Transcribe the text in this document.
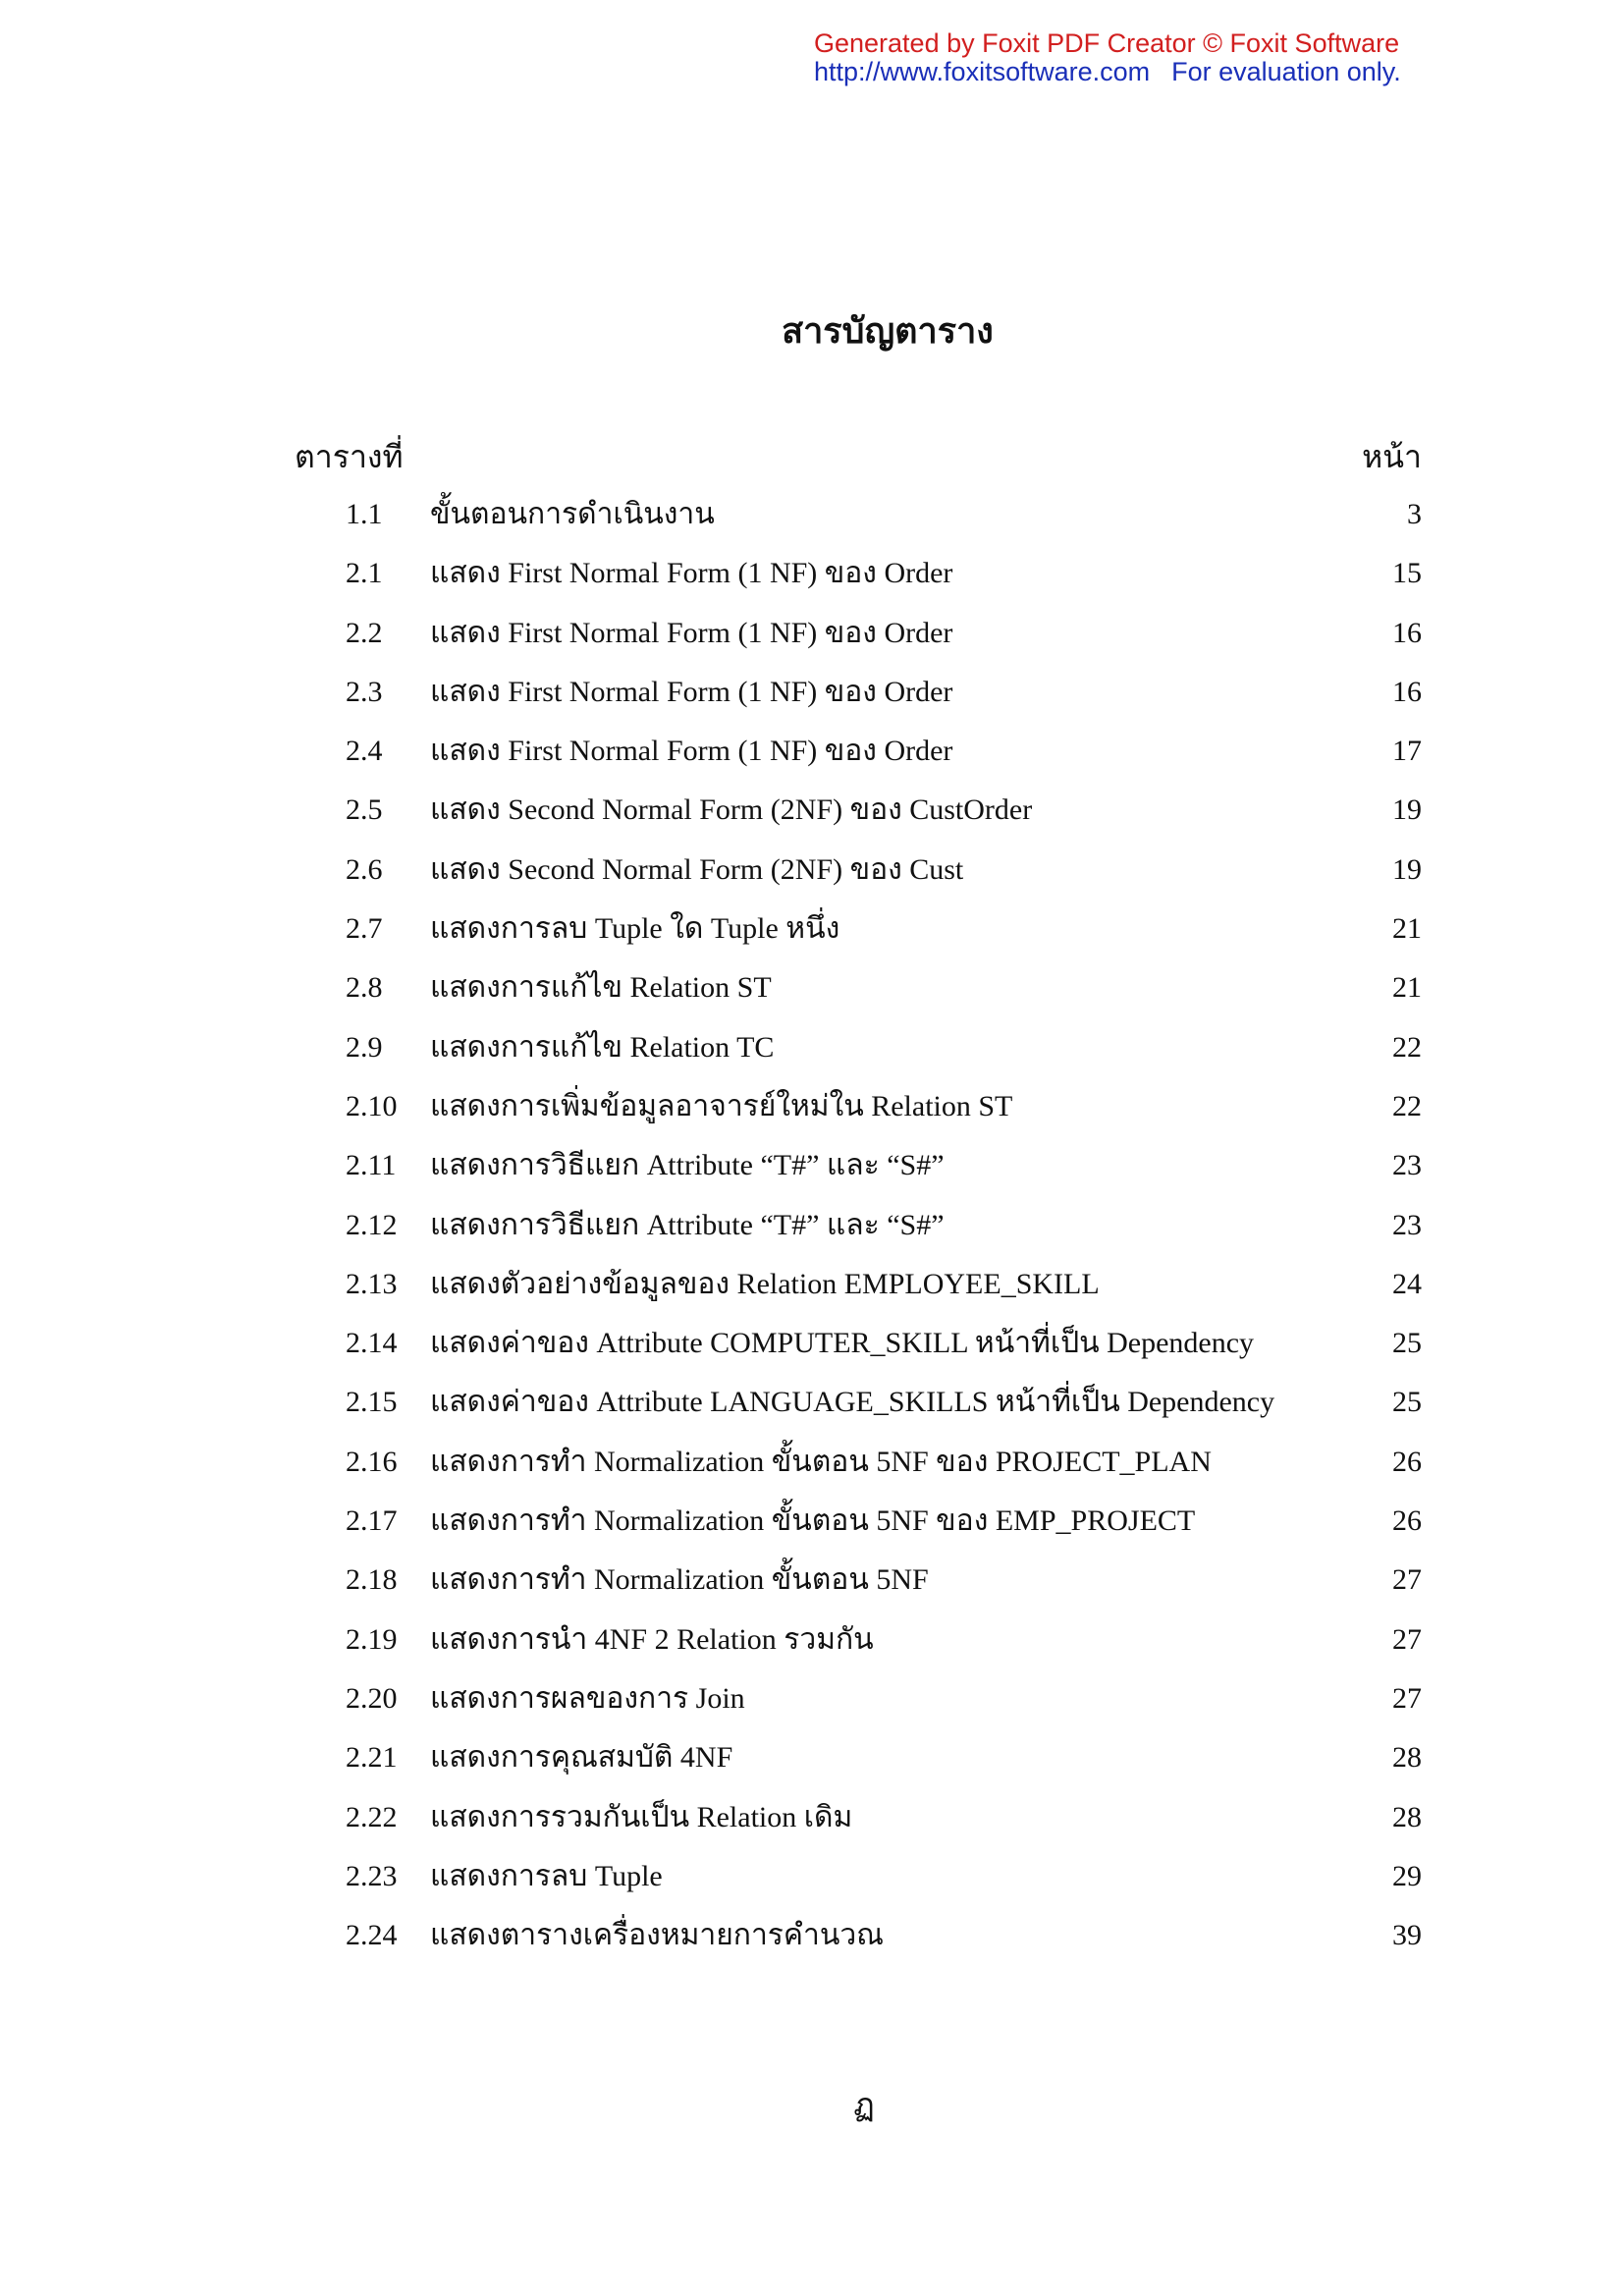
Generated by Foxit PDF Creator © Foxit Software
http://www.foxitsoftware.com For evaluation only.
สารบัญตาราง
ตารางที่	หน้า
1.1 ขั้นตอนการดำเนินงาน	3
2.1 แสดง First Normal Form (1 NF) ของ Order	15
2.2 แสดง First Normal Form (1 NF) ของ Order	16
2.3 แสดง First Normal Form (1 NF) ของ Order	16
2.4 แสดง First Normal Form (1 NF) ของ Order	17
2.5 แสดง Second Normal Form (2NF) ของ CustOrder	19
2.6 แสดง Second Normal Form (2NF) ของ Cust	19
2.7 แสดงการลบ Tuple ใด Tuple หนึ่ง	21
2.8 แสดงการแก้ไข Relation ST	21
2.9 แสดงการแก้ไข Relation TC	22
2.10 แสดงการเพิ่มข้อมูลอาจารย์ใหม่ใน Relation ST	22
2.11 แสดงการวิธีแยก Attribute “T#” และ “S#”	23
2.12 แสดงการวิธีแยก Attribute “T#” และ “S#”	23
2.13 แสดงตัวอย่างข้อมูลของ Relation EMPLOYEE_SKILL	24
2.14 แสดงค่าของ Attribute COMPUTER_SKILL หน้าที่เป็น Dependency	25
2.15 แสดงค่าของ Attribute LANGUAGE_SKILLS หน้าที่เป็น Dependency	25
2.16 แสดงการทำ Normalization ขั้นตอน 5NF ของ PROJECT_PLAN	26
2.17 แสดงการทำ Normalization ขั้นตอน 5NF ของ EMP_PROJECT	26
2.18 แสดงการทำ Normalization ขั้นตอน 5NF	27
2.19 แสดงการนำ 4NF 2 Relation รวมกัน	27
2.20 แสดงการผลของการ Join	27
2.21 แสดงการคุณสมบัติ 4NF	28
2.22 แสดงการรวมกันเป็น Relation เดิม	28
2.23 แสดงการลบ Tuple	29
2.24 แสดงตารางเครื่องหมายการคำนวณ	39
ฏ
